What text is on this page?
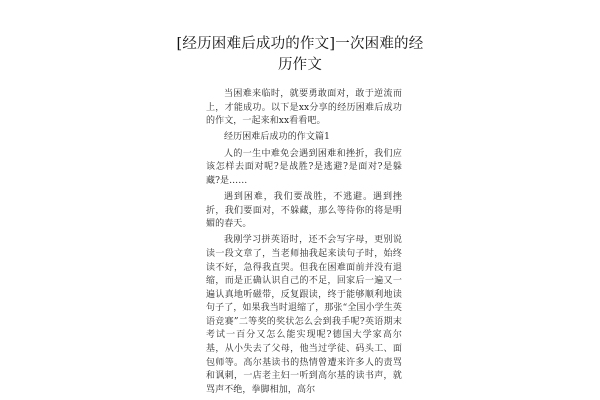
[经历困难后成功的作文]一次困难的经历作文

当困难来临时，就要勇敢面对，敢于逆流而上，才能成功。以下是xx分享的经历困难后成功的作文，一起来和xx看看吧。

经历困难后成功的作文篇1

人的一生中难免会遇到困难和挫折，我们应该怎样去面对呢?是战胜?是逃避?是面对?是躲藏?是……

遇到困难，我们要战胜，不逃避。遇到挫折，我们要面对，不躲藏，那么等待你的将是明媚的春天。

我刚学习拼英语时，还不会写字母，更别说读一段文章了，当老师抽我起来读句子时，始终读不好，急得我直哭。但我在困难面前并没有退缩，而是正确认识自己的不足，回家后一遍又一遍认真地听磁带，反复跟读，终于能够顺利地读句子了，如果我当时退缩了，那张“全国小学生英语竞赛”二等奖的奖状怎么会到我手呢?英语期末考试一百分又怎么能实现呢?德国大学家高尔基，从小失去了父母，他当过学徒、码头工、面包师等。高尔基读书的热情曾遭来许多人的责骂和讽刺，一店老主妇一听到高尔基的读书声，就骂声不绝，拳脚相加，高尔
